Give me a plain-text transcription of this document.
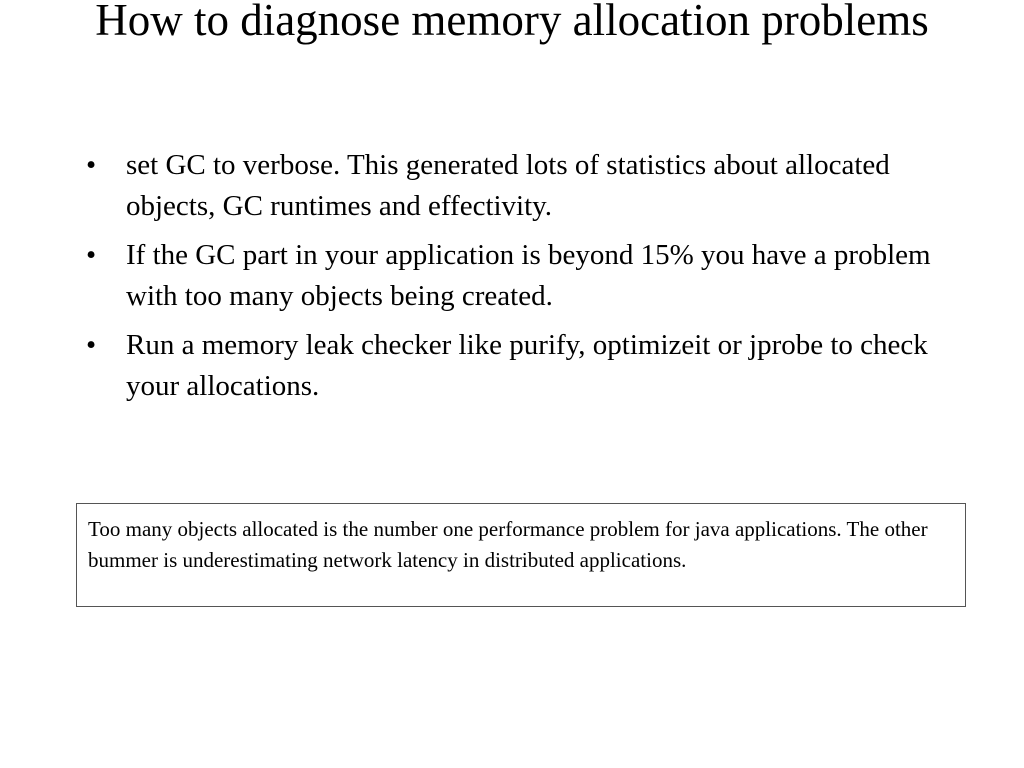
How to diagnose memory allocation problems
•	set GC to verbose. This generated lots of statistics about allocated objects, GC runtimes and effectivity.
•	If the GC part in your application is beyond 15% you have a problem with too many objects being created.
•	Run a memory leak checker like purify, optimizeit or jprobe to check your allocations.
Too many objects allocated is the number one performance problem for java applications. The other bummer is underestimating network latency in distributed applications.
